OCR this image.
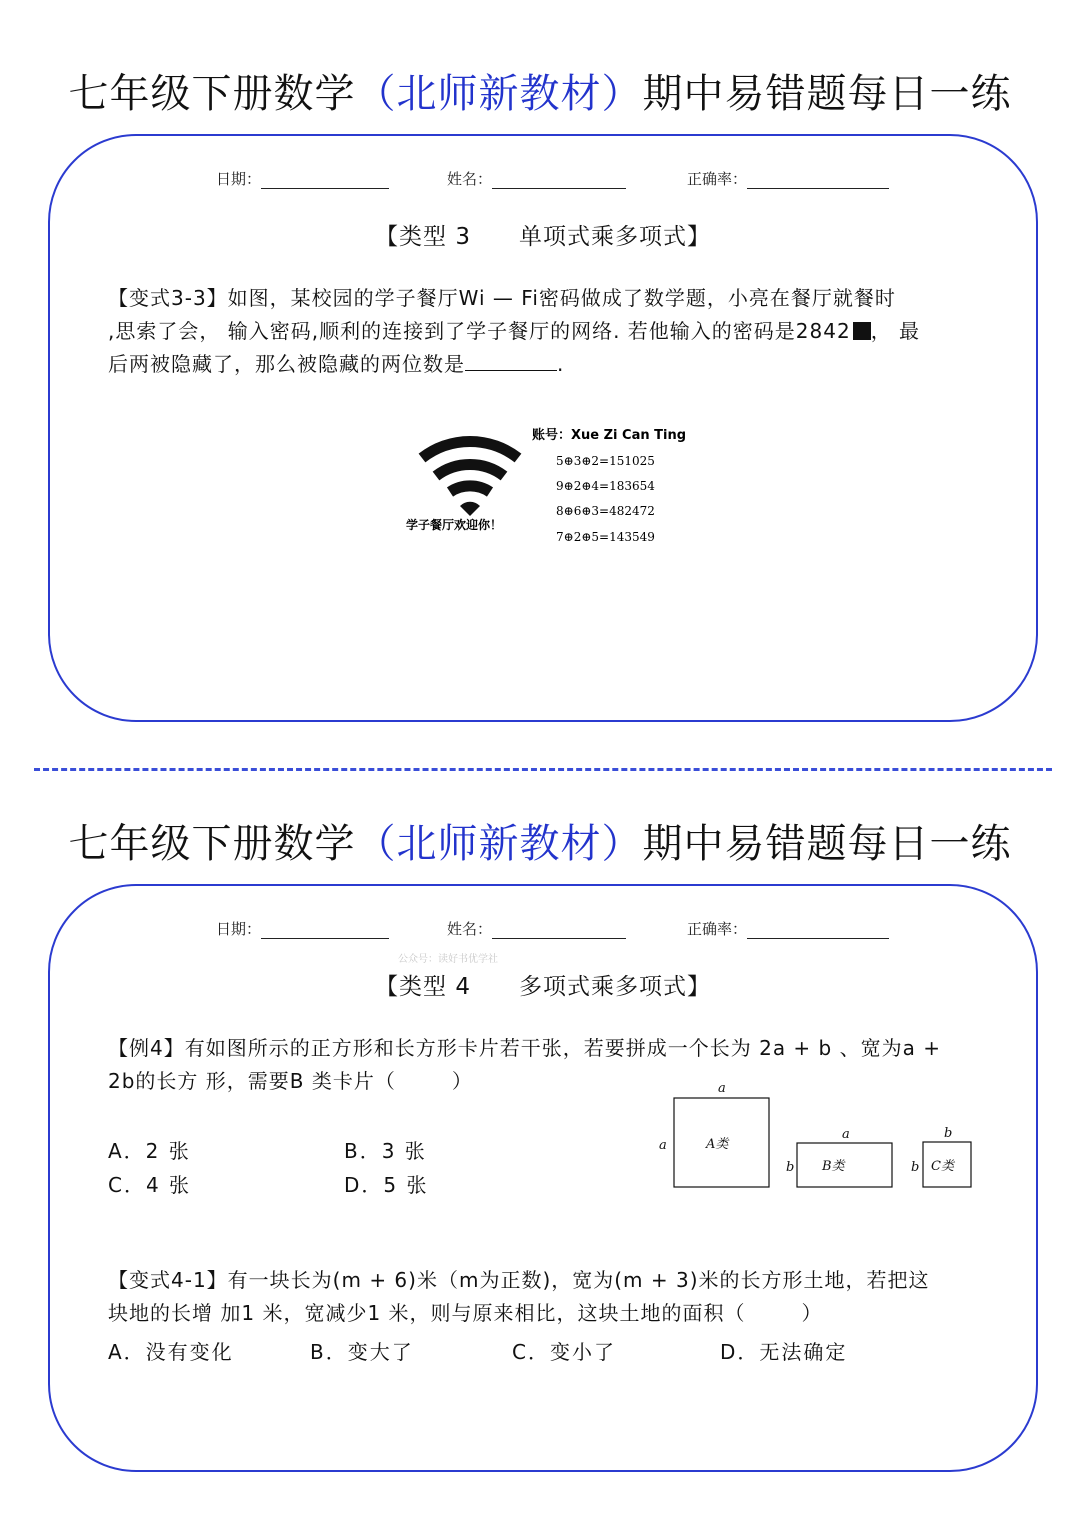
七年级下册数学（北师新教材）期中易错题每日一练
日期：	姓名：	正确率：
【类型 3　　单项式乘多项式】
【变式3-3】如图，某校园的学子餐厅Wi — Fi密码做成了数学题，小亮在餐厅就餐时
,思索了会， 输入密码,顺利的连接到了学子餐厅的网络. 若他输入的密码是2842 ， 最
后两被隐藏了，那么被隐藏的两位数是	.
学子餐厅欢迎你！
账号：Xue Zi Can Ting
5⊕3⊕2=151025
9⊕2⊕4=183654
8⊕6⊕3=482472
7⊕2⊕5=143549
七年级下册数学（北师新教材）期中易错题每日一练
日期：	姓名：	正确率：
公众号：读好书优学社
【类型 4　　多项式乘多项式】
【例4】有如图所示的正方形和长方形卡片若干张，若要拼成一个长为 2a + b 、宽为a +
2b的长方 形，需要B 类卡片（	）
A．2 张	B．3 张
C．4 张	D．5 张
a
a	A类
a
b B类
b
b C类
【变式4-1】有一块长为(m + 6)米（m为正数)，宽为(m + 3)米的长方形土地，若把这
块地的长增 加1 米，宽减少1 米，则与原来相比，这块土地的面积（	）
A．没有变化	B．变大了	C．变小了	D．无法确定
